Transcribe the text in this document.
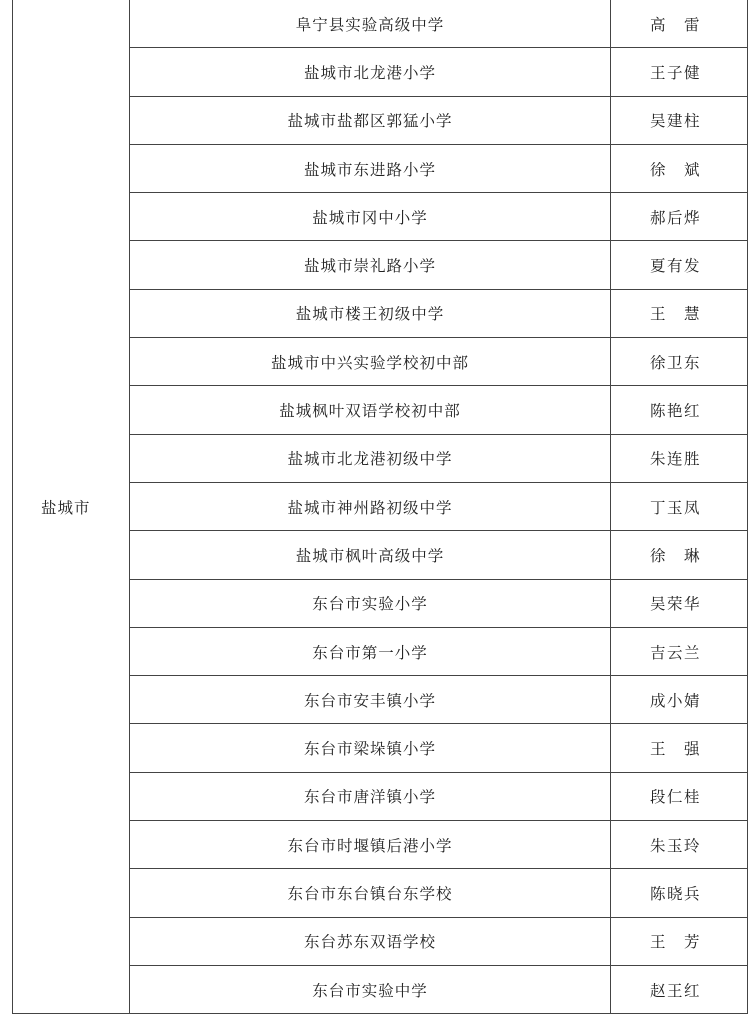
盐城市	阜宁县实验高级中学	高　雷
	盐城市北龙港小学	王子健
	盐城市盐都区郭猛小学	吴建柱
	盐城市东进路小学	徐　斌
	盐城市冈中小学	郝后烨
	盐城市崇礼路小学	夏有发
	盐城市楼王初级中学	王　慧
	盐城市中兴实验学校初中部	徐卫东
	盐城枫叶双语学校初中部	陈艳红
	盐城市北龙港初级中学	朱连胜
	盐城市神州路初级中学	丁玉凤
	盐城市枫叶高级中学	徐　琳
	东台市实验小学	吴荣华
	东台市第一小学	吉云兰
	东台市安丰镇小学	成小婧
	东台市梁垛镇小学	王　强
	东台市唐洋镇小学	段仁桂
	东台市时堰镇后港小学	朱玉玲
	东台市东台镇台东学校	陈晓兵
	东台苏东双语学校	王　芳
	东台市实验中学	赵王红
